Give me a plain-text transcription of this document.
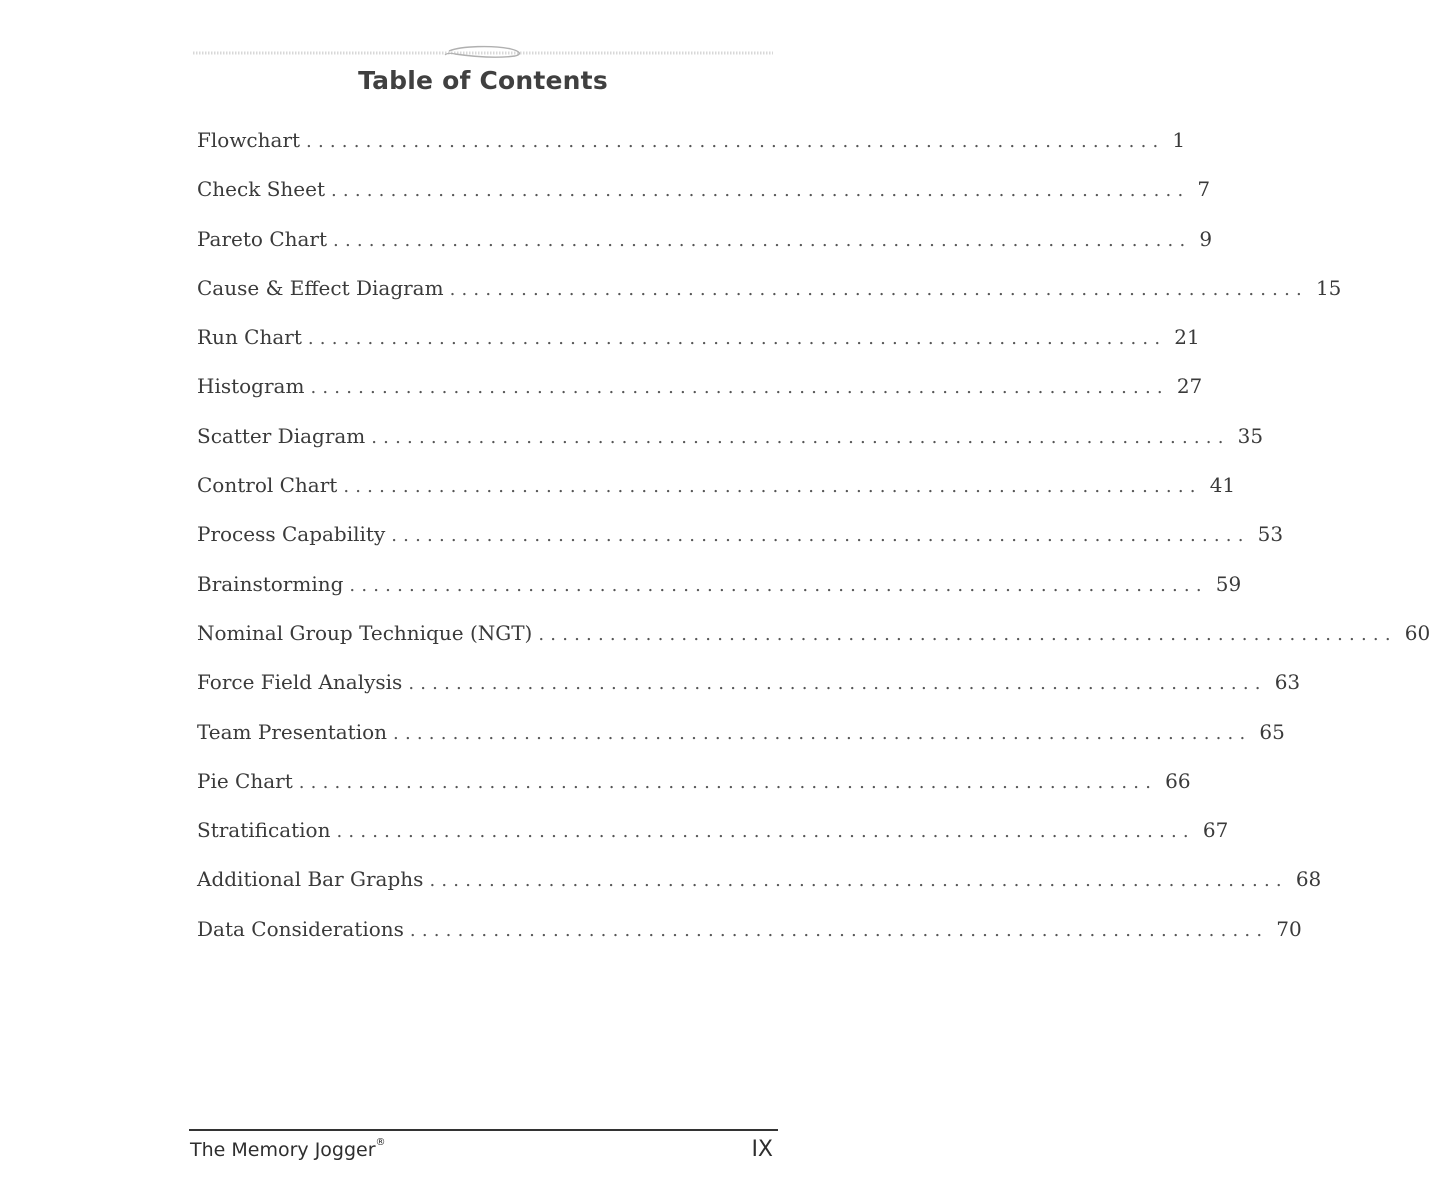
Table of Contents
Flowchart ........................................................................ 1
Check Sheet ........................................................................ 7
Pareto Chart ........................................................................ 9
Cause & Effect Diagram ........................................................................ 15
Run Chart ........................................................................ 21
Histogram ........................................................................ 27
Scatter Diagram ........................................................................ 35
Control Chart ........................................................................ 41
Process Capability ........................................................................ 53
Brainstorming ........................................................................ 59
Nominal Group Technique (NGT) ........................................................................ 60
Force Field Analysis ........................................................................ 63
Team Presentation ........................................................................ 65
Pie Chart ........................................................................ 66
Stratification ........................................................................ 67
Additional Bar Graphs ........................................................................ 68
Data Considerations ........................................................................ 70
The Memory Jogger®	IX
